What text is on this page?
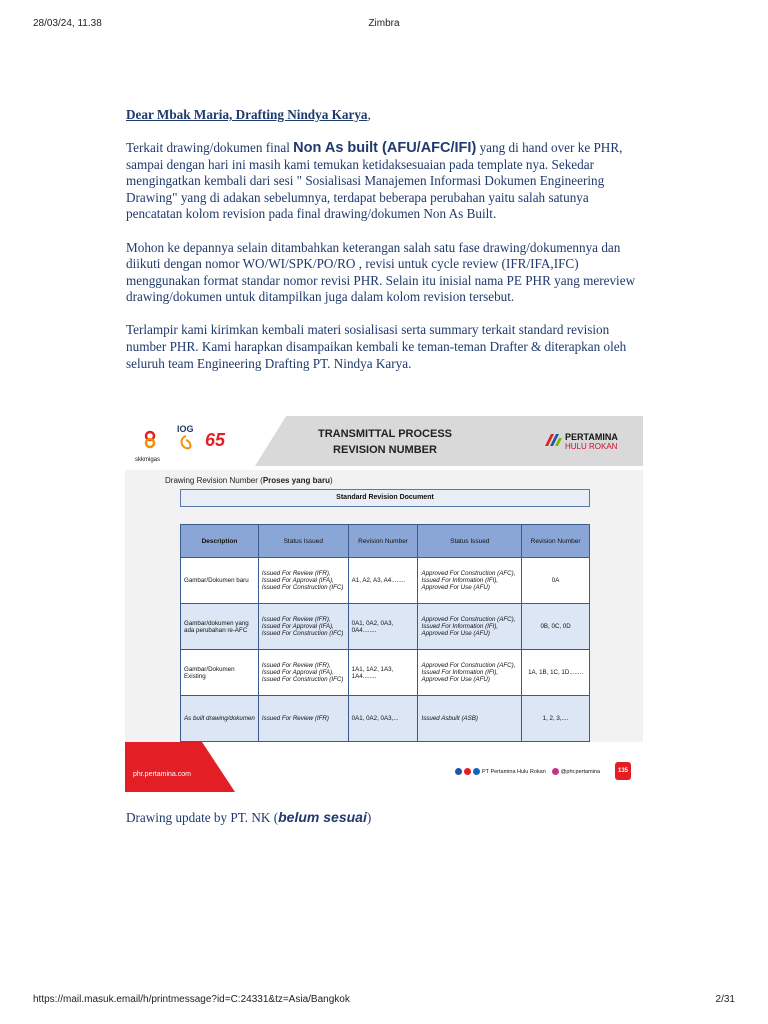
28/03/24, 11.38	Zimbra

Dear Mbak Maria, Drafting Nindya Karya,

Terkait drawing/dokumen final Non As built (AFU/AFC/IFI) yang di hand over ke PHR, sampai dengan hari ini masih kami temukan ketidaksesuaian pada template nya. Sekedar mengingatkan kembali dari sesi " Sosialisasi Manajemen Informasi Dokumen Engineering Drawing" yang di adakan sebelumnya, terdapat beberapa perubahan yaitu salah satunya pencatatan kolom revision pada final drawing/dokumen Non As Built.

Mohon ke depannya selain ditambahkan keterangan salah satu fase drawing/dokumennya dan diikuti dengan nomor WO/WI/SPK/PO/RO , revisi untuk cycle review (IFR/IFA,IFC) menggunakan format standar nomor revisi PHR. Selain itu inisial nama PE PHR yang mereview drawing/dokumen untuk ditampilkan juga dalam kolom revision tersebut.

Terlampir kami kirimkan kembali materi sosialisasi serta summary terkait standard revision number PHR. Kami harapkan disampaikan kembali ke teman-teman Drafter & diterapkan oleh seluruh team Engineering Drafting PT. Nindya Karya.

skkmigas
IOG
65	TRANSMITTAL PROCESS
REVISION NUMBER
PERTAMINA
HULU ROKAN
Drawing Revision Number (Proses yang baru)
Standard Revision Document
Description	Status Issued	Revision Number	Status Issued	Revision Number
Gambar/Dokumen baru	Issued For Review (IFR), Issued For Approval (IFA), Issued For Construction (IFC)	A1, A2, A3, A4........	Approved For Construction (AFC), Issued For Information (IFI), Approved For Use (AFU)	0A
Gambar/dokumen yang ada perubahan re-AFC	Issued For Review (IFR), Issued For Approval (IFA), Issued For Construction (IFC)	0A1, 0A2, 0A3, 0A4........	Approved For Construction (AFC), Issued For Information (IFI), Approved For Use (AFU)	0B, 0C, 0D
Gambar/Dokumen Existing	Issued For Review (IFR), Issued For Approval (IFA), Issued For Construction (IFC)	1A1, 1A2, 1A3, 1A4........	Approved For Construction (AFC), Issued For Information (IFI), Approved For Use (AFU)	1A, 1B, 1C, 1D........
As built drawing/dokumen	Issued For Review (IFR)	0A1, 0A2, 0A3,...	Issued Asbuilt (ASB)	1, 2, 3,....
phr.pertamina.com	PT Pertamina Hulu Rokan	@phr.pertamina	135
Drawing update by PT. NK (belum sesuai)
https://mail.masuk.email/h/printmessage?id=C:24331&tz=Asia/Bangkok	2/31
